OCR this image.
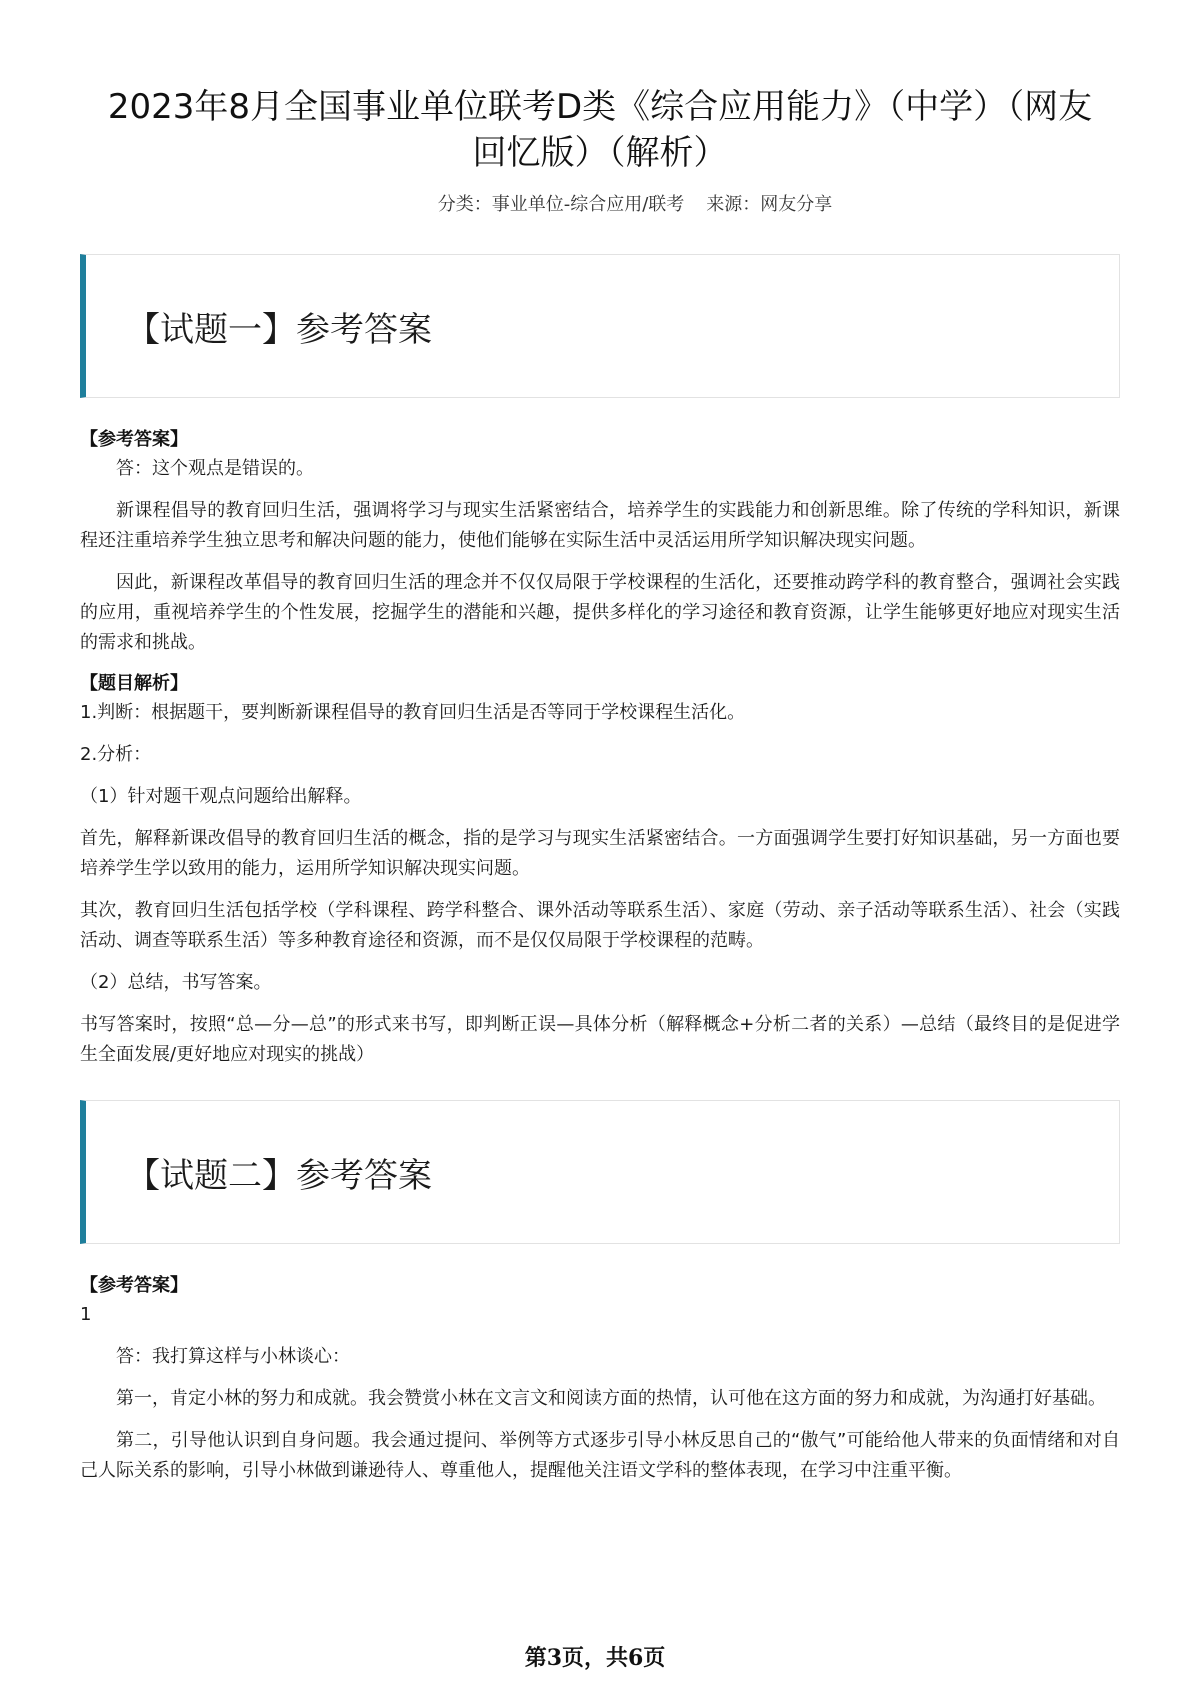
2023年8月全国事业单位联考D类《综合应用能力》（中学）（网友回忆版）（解析）
分类：事业单位-综合应用/联考 来源：网友分享
【试题一】参考答案
【参考答案】

答：这个观点是错误的。

新课程倡导的教育回归生活，强调将学习与现实生活紧密结合，培养学生的实践能力和创新思维。除了传统的学科知识，新课程还注重培养学生独立思考和解决问题的能力，使他们能够在实际生活中灵活运用所学知识解决现实问题。

因此，新课程改革倡导的教育回归生活的理念并不仅仅局限于学校课程的生活化，还要推动跨学科的教育整合，强调社会实践的应用，重视培养学生的个性发展，挖掘学生的潜能和兴趣，提供多样化的学习途径和教育资源，让学生能够更好地应对现实生活的需求和挑战。

【题目解析】

1.判断：根据题干，要判断新课程倡导的教育回归生活是否等同于学校课程生活化。

2.分析：

（1）针对题干观点问题给出解释。

首先，解释新课改倡导的教育回归生活的概念，指的是学习与现实生活紧密结合。一方面强调学生要打好知识基础，另一方面也要培养学生学以致用的能力，运用所学知识解决现实问题。

其次，教育回归生活包括学校（学科课程、跨学科整合、课外活动等联系生活）、家庭（劳动、亲子活动等联系生活）、社会（实践活动、调查等联系生活）等多种教育途径和资源，而不是仅仅局限于学校课程的范畴。

（2）总结，书写答案。

书写答案时，按照“总—分—总”的形式来书写，即判断正误—具体分析（解释概念+分析二者的关系）—总结（最终目的是促进学生全面发展/更好地应对现实的挑战）

【试题二】参考答案
【参考答案】

1

答：我打算这样与小林谈心：

第一，肯定小林的努力和成就。我会赞赏小林在文言文和阅读方面的热情，认可他在这方面的努力和成就，为沟通打好基础。

第二，引导他认识到自身问题。我会通过提问、举例等方式逐步引导小林反思自己的“傲气”可能给他人带来的负面情绪和对自己人际关系的影响，引导小林做到谦逊待人、尊重他人，提醒他关注语文学科的整体表现，在学习中注重平衡。

第3页，共6页
